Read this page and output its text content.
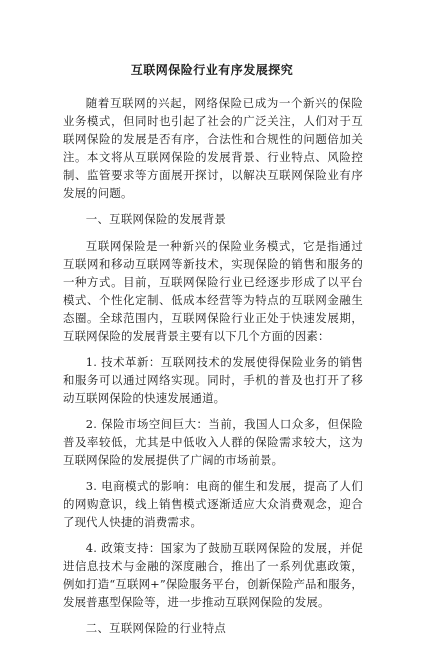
互联网保险行业有序发展探究

随着互联网的兴起，网络保险已成为一个新兴的保险业务模式，但同时也引起了社会的广泛关注，人们对于互联网保险的发展是否有序，合法性和合规性的问题倍加关注。本文将从互联网保险的发展背景、行业特点、风险控制、监管要求等方面展开探讨，以解决互联网保险业有序发展的问题。

一、互联网保险的发展背景

互联网保险是一种新兴的保险业务模式，它是指通过互联网和移动互联网等新技术，实现保险的销售和服务的一种方式。目前，互联网保险行业已经逐步形成了以平台模式、个性化定制、低成本经营等为特点的互联网金融生态圈。全球范围内，互联网保险行业正处于快速发展期，互联网保险的发展背景主要有以下几个方面的因素：

1. 技术革新：互联网技术的发展使得保险业务的销售和服务可以通过网络实现。同时，手机的普及也打开了移动互联网保险的快速发展通道。

2. 保险市场空间巨大：当前，我国人口众多，但保险普及率较低，尤其是中低收入人群的保险需求较大，这为互联网保险的发展提供了广阔的市场前景。

3. 电商模式的影响：电商的催生和发展，提高了人们的网购意识，线上销售模式逐渐适应大众消费观念，迎合了现代人快捷的消费需求。

4. 政策支持：国家为了鼓励互联网保险的发展，并促进信息技术与金融的深度融合，推出了一系列优惠政策，例如打造“互联网+”保险服务平台，创新保险产品和服务，发展普惠型保险等，进一步推动互联网保险的发展。

二、互联网保险的行业特点
